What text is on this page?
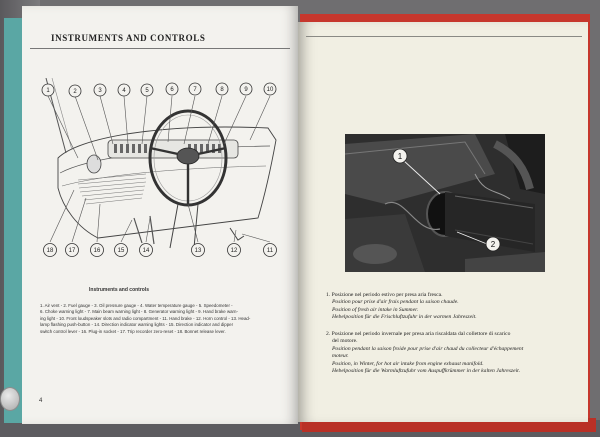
INSTRUMENTS AND CONTROLS
1	2	3	4	5	6	7	8	9	10
18	17	16	15	14	13	12	11
Instruments and controls
1. Air vent - 2. Fuel gauge - 3. Oil pressure gauge - 4. Water temperature gauge - 5. Speedometer -
6. Choke warning light - 7. Main beam warning light - 8. Generator warning light - 9. Hand brake warn-
ing light - 10. Front loudspeaker slots and radio compartment - 11. Hand brake - 12. Horn control - 13. Head-
lamp flashing push-button - 14. Direction indicator warning lights - 15. Direction indicator and dipper
switch control lever - 16. Plug-in socket - 17. Trip recorder zero-reset - 18. Bonnet release lever.
4
1
2
1. Posizione nel periodo estivo per presa aria fresca.
Position pour prise d'air frais pendant la saison chaude.
Position of fresh air intake in Summer.
Hebelposition für die Frischluftzufuhr in der warmen Jahreszeit.
2. Posizione nel periodo invernale per presa aria riscaldata dal collettore di scarico
del motore.
Position pendant la saison froide pour prise d'air chaud du collecteur d'échappement
moteur.
Position, in Winter, for hot air intake from engine exhaust manifold.
Hebelposition für die Warmluftzufuhr vom Auspuffkrümmer in der kalten Jahreszeit.
